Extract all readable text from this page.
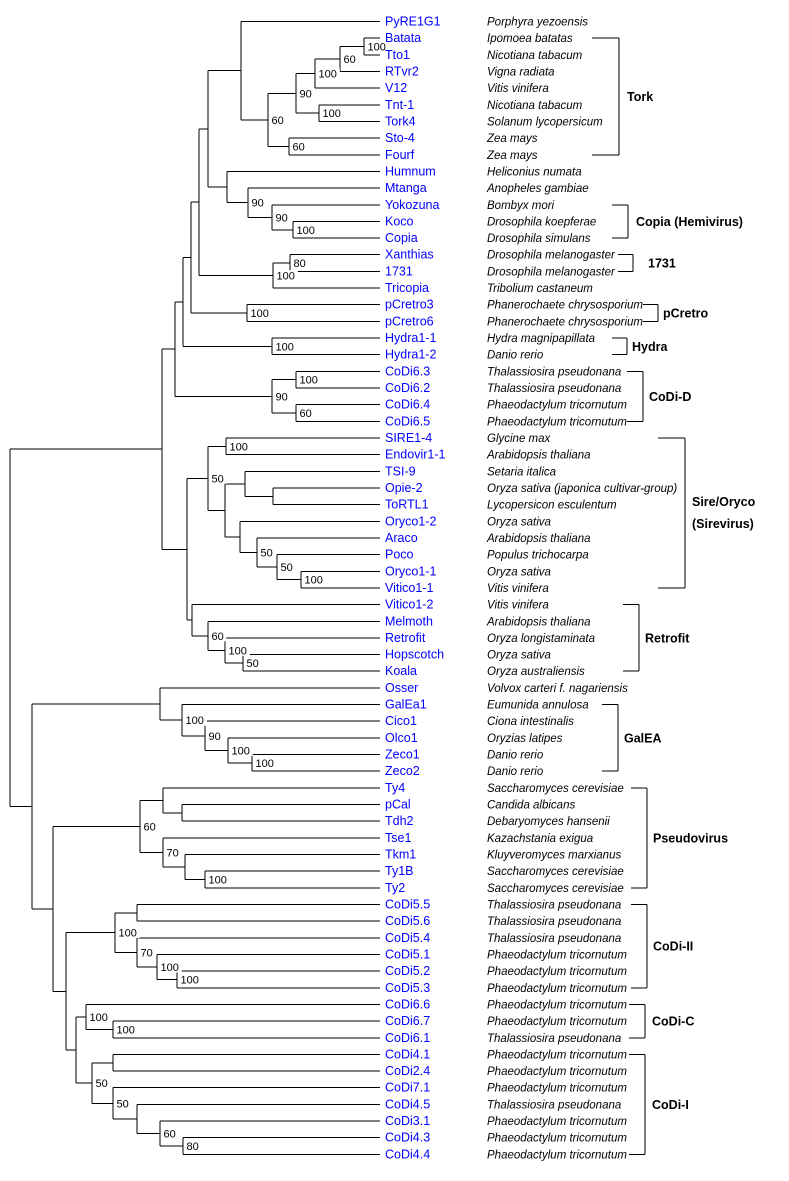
100
60
100
100
90
60
60
100
90
90
80
100
100
100
100
60
90
100
100
50
50
50
50
100
60
100
100
90
100
100
70
60
100
100
70
100
100
100
80
60
50
50
PyRE1G1	Porphyra yezoensis
Batata	Ipomoea batatas
Tto1	Nicotiana tabacum
RTvr2	Vigna radiata
V12	Vitis vinifera
Tnt-1	Nicotiana tabacum
Tork4	Solanum lycopersicum
Sto-4	Zea mays
Fourf	Zea mays
Humnum	Heliconius numata
Mtanga	Anopheles gambiae
Yokozuna	Bombyx mori
Koco	Drosophila koepferae
Copia	Drosophila simulans
Xanthias	Drosophila melanogaster
1731	Drosophila melanogaster
Tricopia	Tribolium castaneum
pCretro3	Phanerochaete chrysosporium
pCretro6	Phanerochaete chrysosporium
Hydra1-1	Hydra magnipapillata
Hydra1-2	Danio rerio
CoDi6.3	Thalassiosira pseudonana
CoDi6.2	Thalassiosira pseudonana
CoDi6.4	Phaeodactylum tricornutum
CoDi6.5	Phaeodactylum tricornutum
SIRE1-4	Glycine max
Endovir1-1	Arabidopsis thaliana
TSI-9	Setaria italica
Opie-2	Oryza sativa (japonica cultivar-group)
ToRTL1	Lycopersicon esculentum
Oryco1-2	Oryza sativa
Araco	Arabidopsis thaliana
Poco	Populus trichocarpa
Oryco1-1	Oryza sativa
Vitico1-1	Vitis vinifera
Vitico1-2	Vitis vinifera
Melmoth	Arabidopsis thaliana
Retrofit	Oryza longistaminata
Hopscotch	Oryza sativa
Koala	Oryza australiensis
Osser	Volvox carteri f. nagariensis
GalEa1	Eumunida annulosa
Cico1	Ciona intestinalis
Olco1	Oryzias latipes
Zeco1	Danio rerio
Zeco2	Danio rerio
Ty4	Saccharomyces cerevisiae
pCal	Candida albicans
Tdh2	Debaryomyces hansenii
Tse1	Kazachstania exigua
Tkm1	Kluyveromyces marxianus
Ty1B	Saccharomyces cerevisiae
Ty2	Saccharomyces cerevisiae
CoDi5.5	Thalassiosira pseudonana
CoDi5.6	Thalassiosira pseudonana
CoDi5.4	Thalassiosira pseudonana
CoDi5.1	Phaeodactylum tricornutum
CoDi5.2	Phaeodactylum tricornutum
CoDi5.3	Phaeodactylum tricornutum
CoDi6.6	Phaeodactylum tricornutum
CoDi6.7	Phaeodactylum tricornutum
CoDi6.1	Thalassiosira pseudonana
CoDi4.1	Phaeodactylum tricornutum
CoDi2.4	Phaeodactylum tricornutum
CoDi7.1	Phaeodactylum tricornutum
CoDi4.5	Thalassiosira pseudonana
CoDi3.1	Phaeodactylum tricornutum
CoDi4.3	Phaeodactylum tricornutum
CoDi4.4	Phaeodactylum tricornutum
Tork
Copia (Hemivirus)
1731
pCretro
Hydra
CoDi-D
Sire/Oryco
(Sirevirus)
Retrofit
GalEA
Pseudovirus
CoDi-II
CoDi-C
CoDi-I
